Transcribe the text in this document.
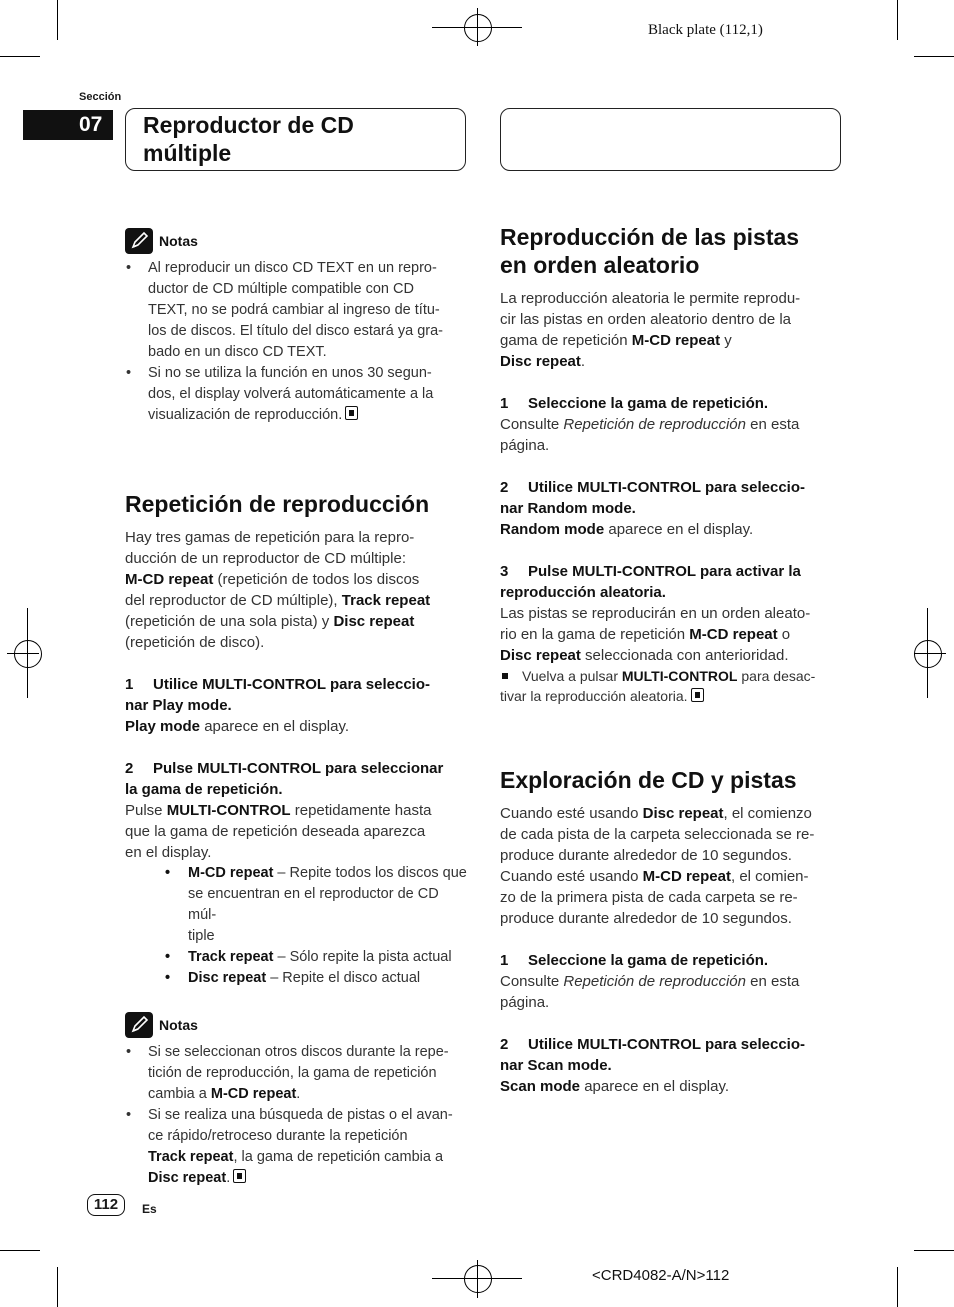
Black plate (112,1)
<CRD4082-A/N>112
Sección
07	Reproductor de CD
múltiple
Notas
• Al reproducir un disco CD TEXT en un repro-
ductor de CD múltiple compatible con CD
TEXT, no se podrá cambiar al ingreso de títu-
los de discos. El título del disco estará ya gra-
bado en un disco CD TEXT.
• Si no se utiliza la función en unos 30 segun-
dos, el display volverá automáticamente a la
visualización de reproducción.
Repetición de reproducción

Hay tres gamas de repetición para la repro-

ducción de un reproductor de CD múltiple:

M-CD repeat (repetición de todos los discos

del reproductor de CD múltiple), Track repeat

(repetición de una sola pista) y Disc repeat

(repetición de disco).

1 Utilice MULTI-CONTROL para seleccio-

nar Play mode.

Play mode aparece en el display.

2 Pulse MULTI-CONTROL para seleccionar

la gama de repetición.

Pulse MULTI-CONTROL repetidamente hasta

que la gama de repetición deseada aparezca

en el display.

• M-CD repeat – Repite todos los discos que
se encuentran en el reproductor de CD múl-
tiple
• Track repeat – Sólo repite la pista actual
• Disc repeat – Repite el disco actual
Notas
• Si se seleccionan otros discos durante la repe-
tición de reproducción, la gama de repetición
cambia a M-CD repeat.
• Si se realiza una búsqueda de pistas o el avan-
ce rápido/retroceso durante la repetición
Track repeat, la gama de repetición cambia a
Disc repeat.
Reproducción de las pistas
en orden aleatorio

La reproducción aleatoria le permite reprodu-

cir las pistas en orden aleatorio dentro de la

gama de repetición M-CD repeat y

Disc repeat.

1 Seleccione la gama de repetición.

Consulte Repetición de reproducción en esta

página.

2 Utilice MULTI-CONTROL para seleccio-

nar Random mode.

Random mode aparece en el display.

3 Pulse MULTI-CONTROL para activar la

reproducción aleatoria.

Las pistas se reproducirán en un orden aleato-

rio en la gama de repetición M-CD repeat o

Disc repeat seleccionada con anterioridad.

Vuelva a pulsar MULTI-CONTROL para desac-
tivar la reproducción aleatoria.
Exploración de CD y pistas

Cuando esté usando Disc repeat, el comienzo

de cada pista de la carpeta seleccionada se re-

produce durante alrededor de 10 segundos.

Cuando esté usando M-CD repeat, el comien-

zo de la primera pista de cada carpeta se re-

produce durante alrededor de 10 segundos.

1 Seleccione la gama de repetición.

Consulte Repetición de reproducción en esta

página.

2 Utilice MULTI-CONTROL para seleccio-

nar Scan mode.

Scan mode aparece en el display.

112	Es
